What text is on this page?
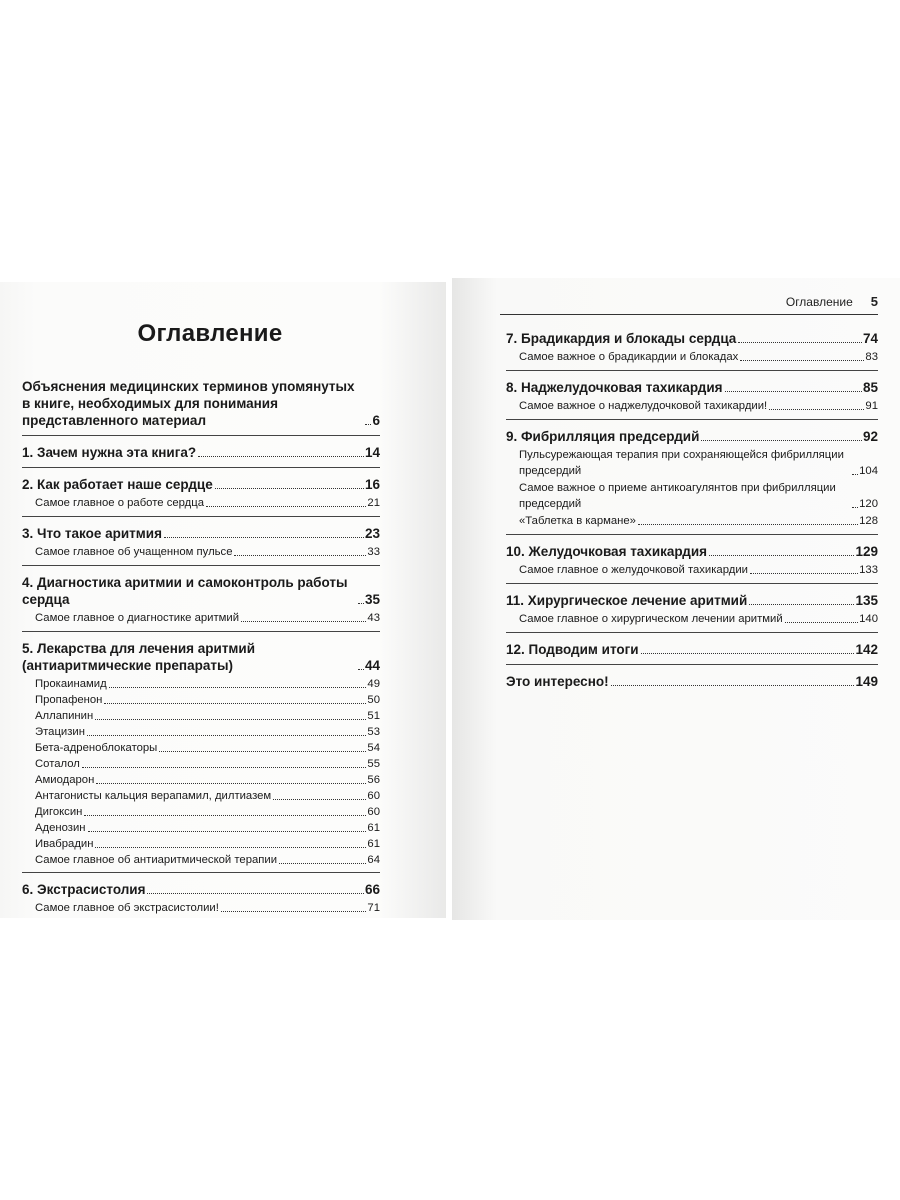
Оглавление
Объяснения медицинских терминов упомянутых в книге, необходимых для понимания представленного материал	6
1. Зачем нужна эта книга?	14
2. Как работает наше сердце	16
Самое главное о работе сердца	21
3. Что такое аритмия	23
Самое главное об учащенном пульсе	33
4. Диагностика аритмии и самоконтроль работы сердца	35
Самое главное о диагностике аритмий	43
5. Лекарства для лечения аритмий (антиаритмические препараты)	44
Прокаинамид	49
Пропафенон	50
Аллапинин	51
Этацизин	53
Бета-адреноблокаторы	54
Соталол	55
Амиодарон	56
Антагонисты кальция верапамил, дилтиазем	60
Дигоксин	60
Аденозин	61
Ивабрадин	61
Самое главное об антиаритмической терапии	64
6. Экстрасистолия	66
Самое главное об экстрасистолии!	71
Оглавление 5
7. Брадикардия и блокады сердца	74
Самое важное о брадикардии и блокадах	83
8. Наджелудочковая тахикардия	85
Самое важное о наджелудочковой тахикардии!	91
9. Фибрилляция предсердий	92
Пульсурежающая терапия при сохраняющейся фибрилляции предсердий	104
Самое важное о приеме антикоагулянтов при фибрилляции предсердий	120
«Таблетка в кармане»	128
10. Желудочковая тахикардия	129
Самое главное о желудочковой тахикардии	133
11. Хирургическое лечение аритмий	135
Самое главное о хирургическом лечении аритмий	140
12. Подводим итоги	142
Это интересно!	149
